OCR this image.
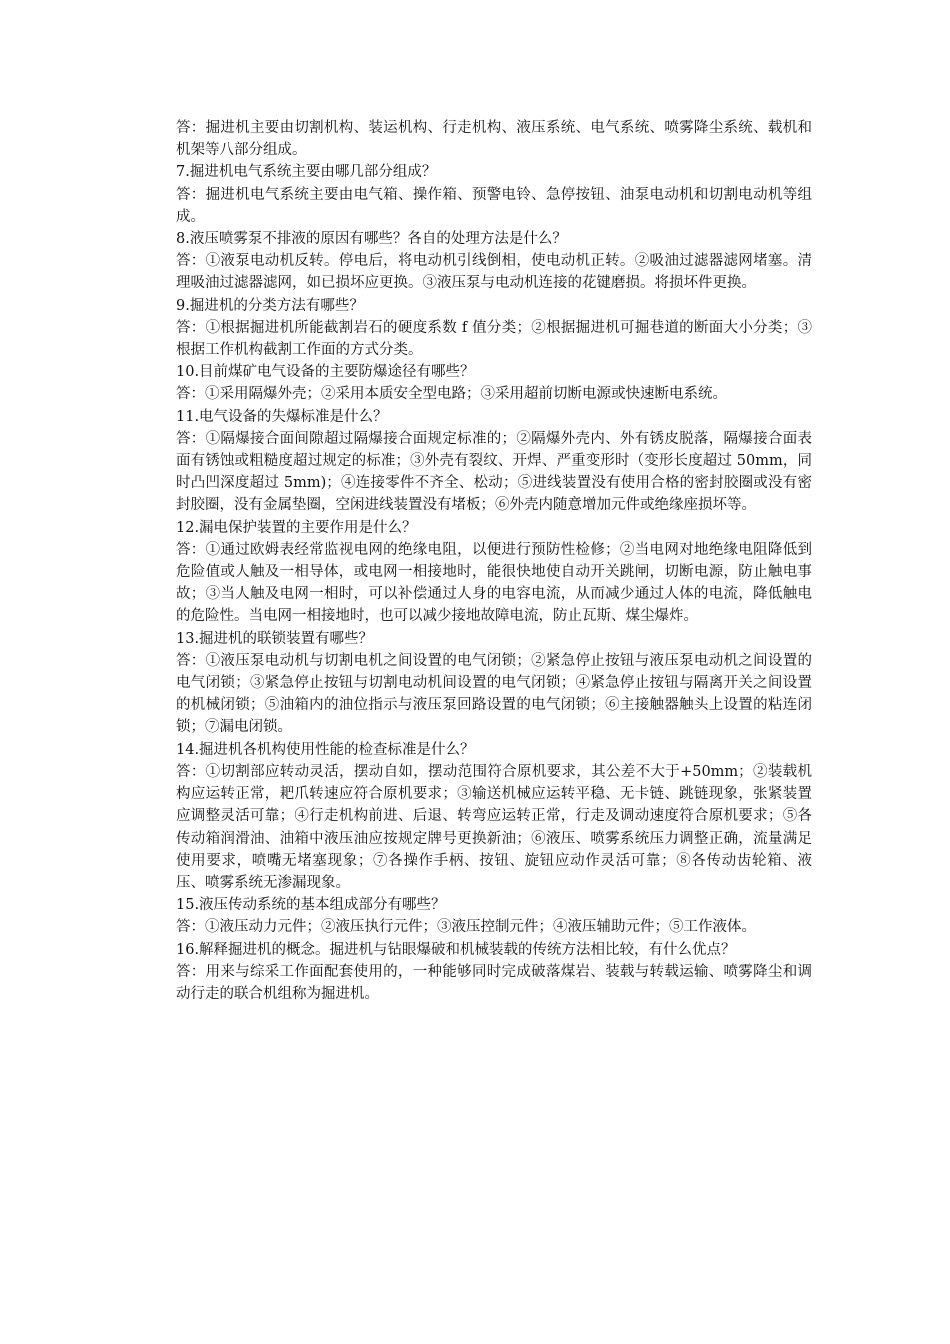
答：掘进机主要由切割机构、装运机构、行走机构、液压系统、电气系统、喷雾降尘系统、载机和机架等八部分组成。

7.掘进机电气系统主要由哪几部分组成？

答：掘进机电气系统主要由电气箱、操作箱、预警电铃、急停按钮、油泵电动机和切割电动机等组成。

8.液压喷雾泵不排液的原因有哪些？各自的处理方法是什么？

答：①液泵电动机反转。停电后，将电动机引线倒相，使电动机正转。②吸油过滤器滤网堵塞。清理吸油过滤器滤网，如已损坏应更换。③液压泵与电动机连接的花键磨损。将损坏件更换。

9.掘进机的分类方法有哪些？

答：①根据掘进机所能截割岩石的硬度系数 f 值分类；②根据掘进机可掘巷道的断面大小分类；③根据工作机构截割工作面的方式分类。

10.目前煤矿电气设备的主要防爆途径有哪些？

答：①采用隔爆外壳；②采用本质安全型电路；③采用超前切断电源或快速断电系统。

11.电气设备的失爆标准是什么？

答：①隔爆接合面间隙超过隔爆接合面规定标准的；②隔爆外壳内、外有锈皮脱落，隔爆接合面表面有锈蚀或粗糙度超过规定的标准；③外壳有裂纹、开焊、严重变形时（变形长度超过 50mm，同时凸凹深度超过 5mm)；④连接零件不齐全、松动；⑤进线装置没有使用合格的密封胶圈或没有密封胶圈，没有金属垫圈，空闲进线装置没有堵板；⑥外壳内随意增加元件或绝缘座损坏等。

12.漏电保护装置的主要作用是什么？

答：①通过欧姆表经常监视电网的绝缘电阻，以便进行预防性检修；②当电网对地绝缘电阻降低到危险值或人触及一相导体，或电网一相接地时，能很快地使自动开关跳闸，切断电源，防止触电事故；③当人触及电网一相时，可以补偿通过人身的电容电流，从而减少通过人体的电流，降低触电的危险性。当电网一相接地时，也可以减少接地故障电流，防止瓦斯、煤尘爆炸。

13.掘进机的联锁装置有哪些？

答：①液压泵电动机与切割电机之间设置的电气闭锁；②紧急停止按钮与液压泵电动机之间设置的电气闭锁；③紧急停止按钮与切割电动机间设置的电气闭锁；④紧急停止按钮与隔离开关之间设置的机械闭锁；⑤油箱内的油位指示与液压泵回路设置的电气闭锁；⑥主接触器触头上设置的粘连闭锁；⑦漏电闭锁。

14.掘进机各机构使用性能的检查标准是什么？

答：①切割部应转动灵活，摆动自如，摆动范围符合原机要求，其公差不大于+50mm；②装载机构应运转正常，耙爪转速应符合原机要求；③输送机械应运转平稳、无卡链、跳链现象，张紧装置应调整灵活可靠；④行走机构前进、后退、转弯应运转正常，行走及调动速度符合原机要求；⑤各传动箱润滑油、油箱中液压油应按规定牌号更换新油；⑥液压、喷雾系统压力调整正确，流量满足使用要求，喷嘴无堵塞现象；⑦各操作手柄、按钮、旋钮应动作灵活可靠；⑧各传动齿轮箱、液压、喷雾系统无渗漏现象。

15.液压传动系统的基本组成部分有哪些？

答：①液压动力元件；②液压执行元件；③液压控制元件；④液压辅助元件；⑤工作液体。

16.解释掘进机的概念。掘进机与钻眼爆破和机械装载的传统方法相比较，有什么优点？

答：用来与综采工作面配套使用的，一种能够同时完成破落煤岩、装载与转载运输、喷雾降尘和调动行走的联合机组称为掘进机。
